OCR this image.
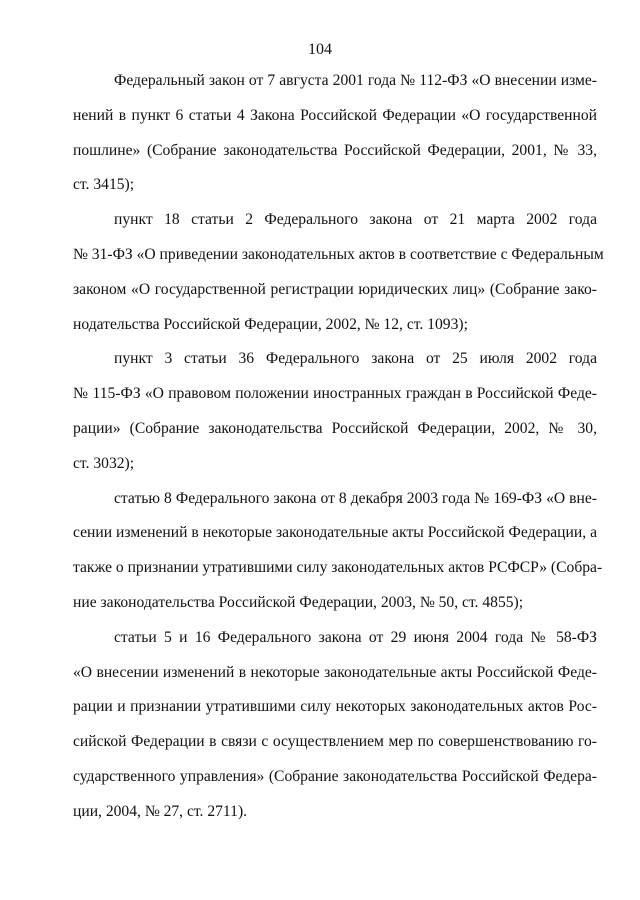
104

Федеральный закон от 7 августа 2001 года № 112-ФЗ «О внесении изме-
нений в пункт 6 статьи 4 Закона Российской Федерации «О государственной
пошлине» (Собрание законодательства Российской Федерации, 2001, № 33,
ст. 3415);

пункт 18 статьи 2 Федерального закона от 21 марта 2002 года
№ 31-ФЗ «О приведении законодательных актов в соответствие с Федеральным
законом «О государственной регистрации юридических лиц» (Собрание зако-
нодательства Российской Федерации, 2002, № 12, ст. 1093);

пункт 3 статьи 36 Федерального закона от 25 июля 2002 года
№ 115-ФЗ «О правовом положении иностранных граждан в Российской Феде-
рации» (Собрание законодательства Российской Федерации, 2002, № 30,
ст. 3032);

статью 8 Федерального закона от 8 декабря 2003 года № 169-ФЗ «О вне-
сении изменений в некоторые законодательные акты Российской Федерации, а
также о признании утратившими силу законодательных актов РСФСР» (Собра-
ние законодательства Российской Федерации, 2003, № 50, ст. 4855);

статьи 5 и 16 Федерального закона от 29 июня 2004 года № 58-ФЗ
«О внесении изменений в некоторые законодательные акты Российской Феде-
рации и признании утратившими силу некоторых законодательных актов Рос-
сийской Федерации в связи с осуществлением мер по совершенствованию го-
сударственного управления» (Собрание законодательства Российской Федера-
ции, 2004, № 27, ст. 2711).
